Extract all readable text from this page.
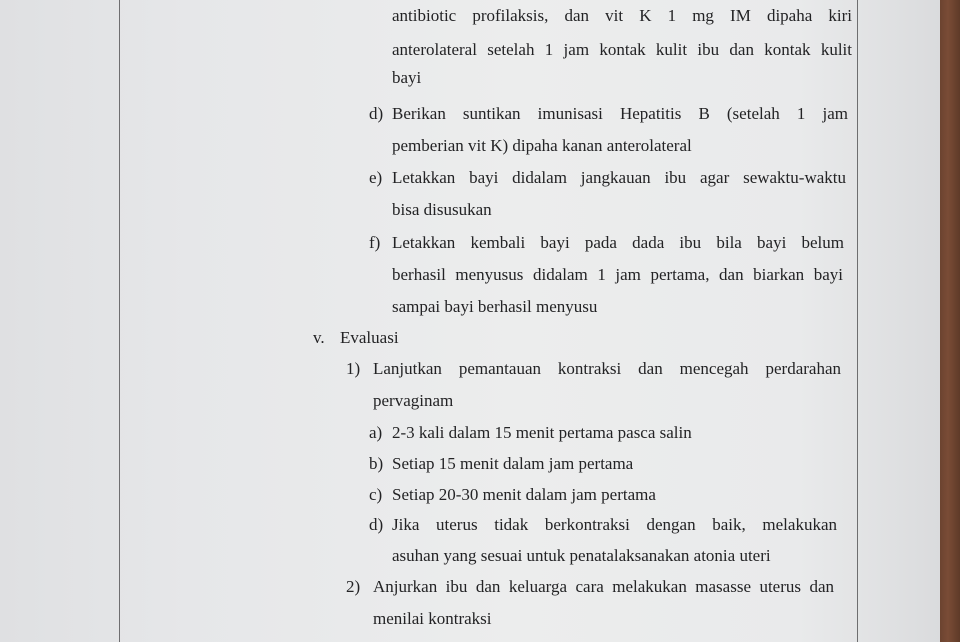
antibiotic profilaksis, dan vit K 1 mg IM dipaha kiri
anterolateral setelah 1 jam kontak kulit ibu dan kontak kulit
bayi
d) Berikan suntikan imunisasi Hepatitis B (setelah 1 jam
pemberian vit K) dipaha kanan anterolateral
e) Letakkan bayi didalam jangkauan ibu agar sewaktu-waktu
bisa disusukan
f) Letakkan kembali bayi pada dada ibu bila bayi belum
berhasil menyusus didalam 1 jam pertama, dan biarkan bayi
sampai bayi berhasil menyusu
v. Evaluasi
1) Lanjutkan pemantauan kontraksi dan mencegah perdarahan
pervaginam
a) 2-3 kali dalam 15 menit pertama pasca salin
b) Setiap 15 menit dalam jam pertama
c) Setiap 20-30 menit dalam jam pertama
d) Jika uterus tidak berkontraksi dengan baik, melakukan
asuhan yang sesuai untuk penatalaksanakan atonia uteri
2) Anjurkan ibu dan keluarga cara melakukan masasse uterus dan
menilai kontraksi
